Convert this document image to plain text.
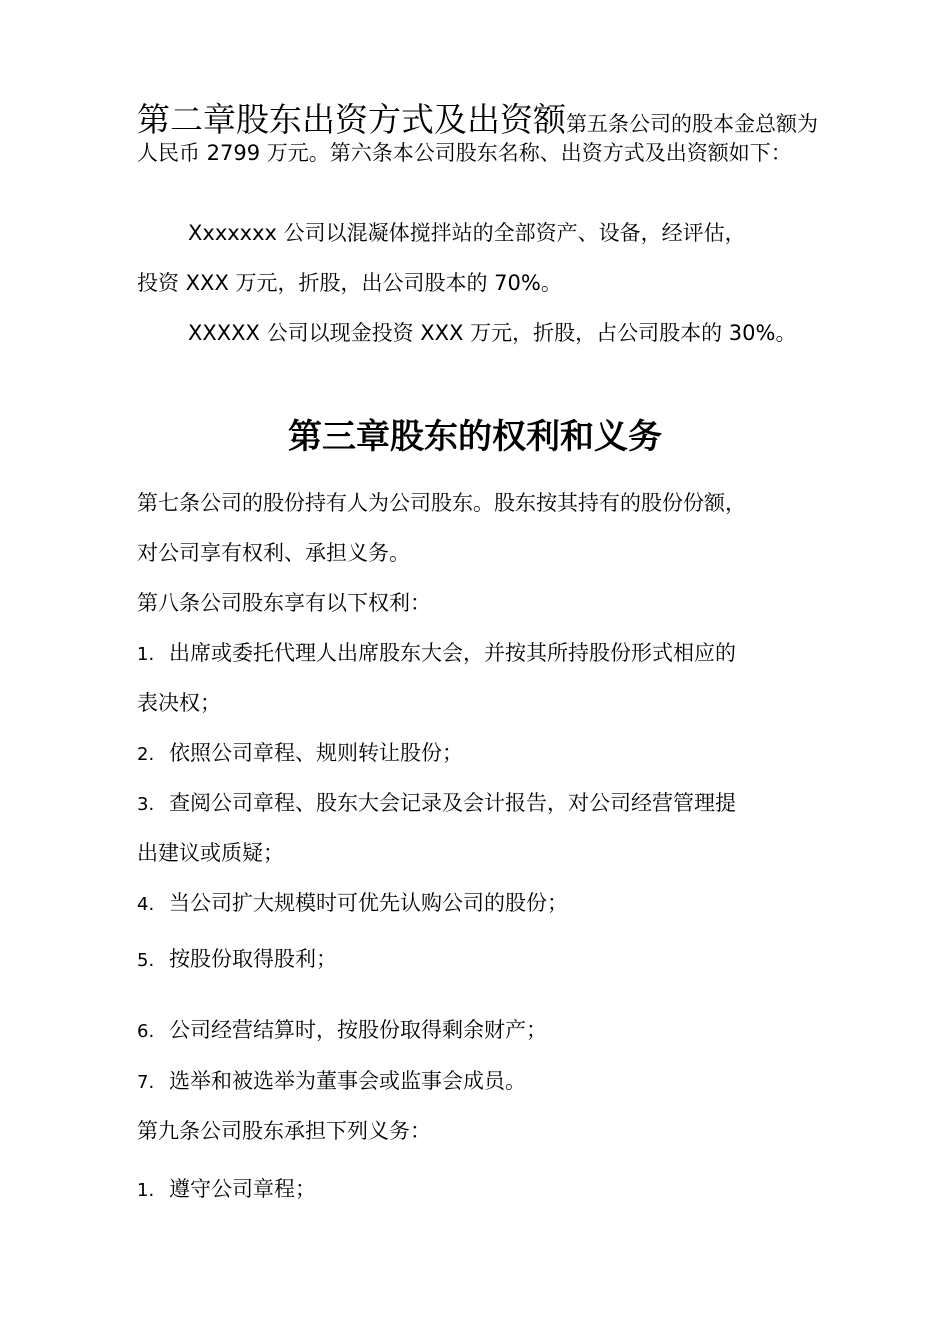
第二章股东出资方式及出资额第五条公司的股本金总额为人民币 2799 万元。第六条本公司股东名称、出资方式及出资额如下：

Xxxxxxx 公司以混凝体搅拌站的全部资产、设备，经评估，

投资 XXX 万元，折股，出公司股本的 70%。

XXXXX 公司以现金投资 XXX 万元，折股，占公司股本的 30%。

第三章股东的权利和义务

第七条公司的股份持有人为公司股东。股东按其持有的股份份额，

对公司享有权利、承担义务。

第八条公司股东享有以下权利：

1. 出席或委托代理人出席股东大会，并按其所持股份形式相应的

表决权；

2. 依照公司章程、规则转让股份；

3. 查阅公司章程、股东大会记录及会计报告，对公司经营管理提

出建议或质疑；

4. 当公司扩大规模时可优先认购公司的股份；

5. 按股份取得股利；

6. 公司经营结算时，按股份取得剩余财产；

7. 选举和被选举为董事会或监事会成员。

第九条公司股东承担下列义务：

1. 遵守公司章程；
